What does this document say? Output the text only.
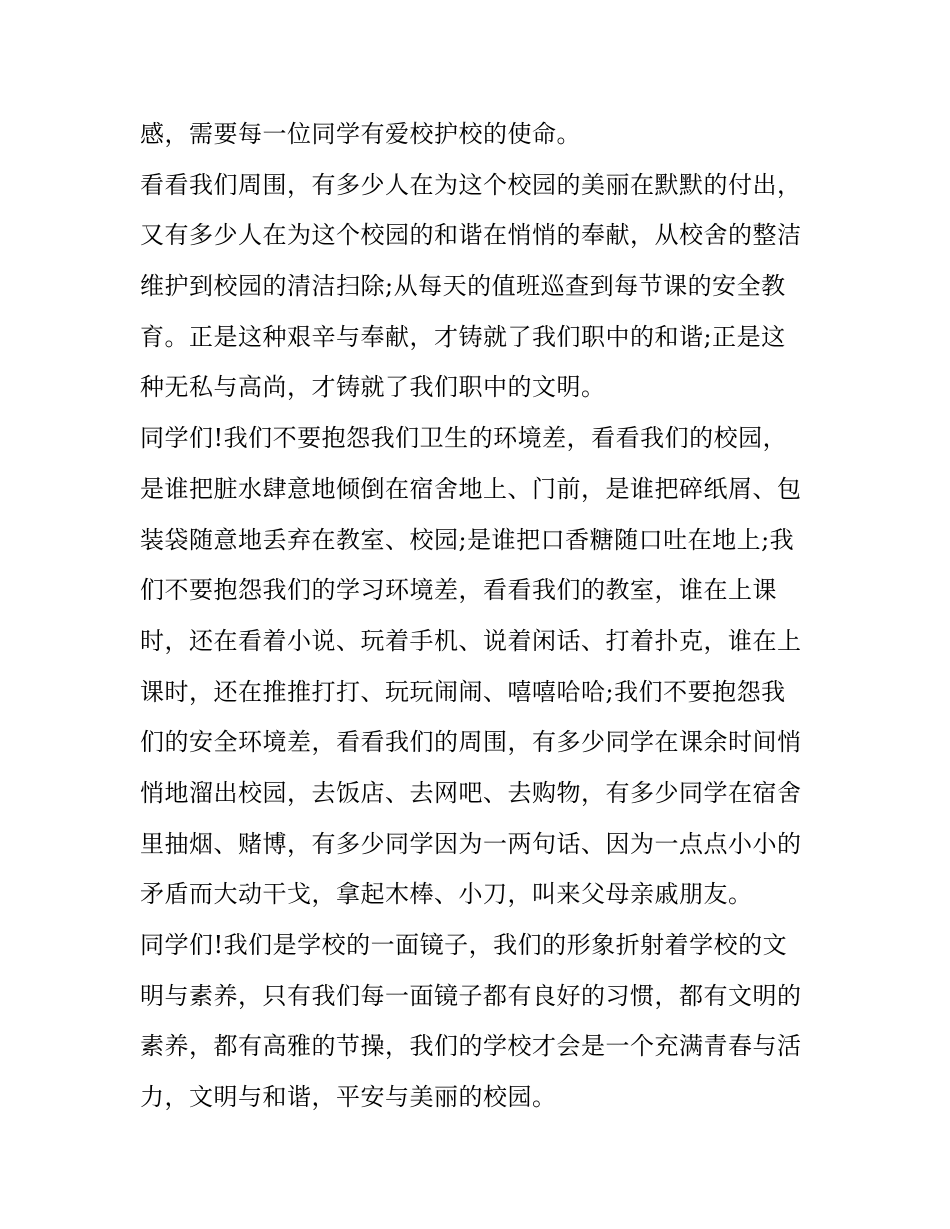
感，需要每一位同学有爱校护校的使命。
看看我们周围，有多少人在为这个校园的美丽在默默的付出，
又有多少人在为这个校园的和谐在悄悄的奉献，从校舍的整洁
维护到校园的清洁扫除;从每天的值班巡查到每节课的安全教
育。正是这种艰辛与奉献，才铸就了我们职中的和谐;正是这
种无私与高尚，才铸就了我们职中的文明。
同学们!我们不要抱怨我们卫生的环境差，看看我们的校园，
是谁把脏水肆意地倾倒在宿舍地上、门前，是谁把碎纸屑、包
装袋随意地丢弃在教室、校园;是谁把口香糖随口吐在地上;我
们不要抱怨我们的学习环境差，看看我们的教室，谁在上课
时，还在看着小说、玩着手机、说着闲话、打着扑克，谁在上
课时，还在推推打打、玩玩闹闹、嘻嘻哈哈;我们不要抱怨我
们的安全环境差，看看我们的周围，有多少同学在课余时间悄
悄地溜出校园，去饭店、去网吧、去购物，有多少同学在宿舍
里抽烟、赌博，有多少同学因为一两句话、因为一点点小小的
矛盾而大动干戈，拿起木棒、小刀，叫来父母亲戚朋友。
同学们!我们是学校的一面镜子，我们的形象折射着学校的文
明与素养，只有我们每一面镜子都有良好的习惯，都有文明的
素养，都有高雅的节操，我们的学校才会是一个充满青春与活
力，文明与和谐，平安与美丽的校园。
